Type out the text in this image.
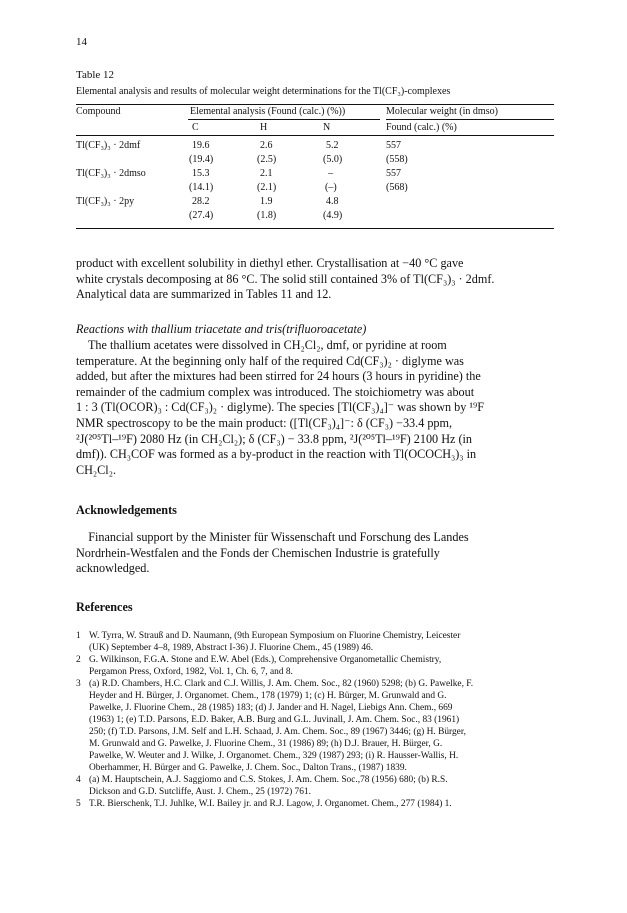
14
Table 12
Elemental analysis and results of molecular weight determinations for the Tl(CF₃)-complexes
Compound	Elemental analysis (Found (calc.) (%))	Molecular weight (in dmso)
C	H	N	Found (calc.) (%)
Tl(CF₃)₃ · 2dmf	19.6	2.6	5.2	557
(19.4)	(2.5)	(5.0)	(558)
Tl(CF₃)₃ · 2dmso	15.3	2.1	–	557
(14.1)	(2.1)	(–)	(568)
Tl(CF₃)₃ · 2py	28.2	1.9	4.8
(27.4)	(1.8)	(4.9)
product with excellent solubility in diethyl ether. Crystallisation at −40 °C gave
white crystals decomposing at 86 °C. The solid still contained 3% of Tl(CF₃)₃ · 2dmf.
Analytical data are summarized in Tables 11 and 12.
Reactions with thallium triacetate and tris(trifluoroacetate)
The thallium acetates were dissolved in CH₂Cl₂, dmf, or pyridine at room
temperature. At the beginning only half of the required Cd(CF₃)₂ · diglyme was
added, but after the mixtures had been stirred for 24 hours (3 hours in pyridine) the
remainder of the cadmium complex was introduced. The stoichiometry was about
1 : 3 (Tl(OCOR)₃ : Cd(CF₃)₂ · diglyme). The species [Tl(CF₃)₄]⁻ was shown by ¹⁹F
NMR spectroscopy to be the main product: ([Tl(CF₃)₄]⁻: δ (CF₃) −33.4 ppm,
²J(²⁰⁵Tl–¹⁹F) 2080 Hz (in CH₂Cl₂); δ (CF₃) − 33.8 ppm, ²J(²⁰⁵Tl–¹⁹F) 2100 Hz (in
dmf)). CH₃COF was formed as a by-product in the reaction with Tl(OCOCH₃)₃ in
CH₂Cl₂.
Acknowledgements
Financial support by the Minister für Wissenschaft und Forschung des Landes
Nordrhein-Westfalen and the Fonds der Chemischen Industrie is gratefully
acknowledged.
References
1 W. Tyrra, W. Strauß and D. Naumann, (9th European Symposium on Fluorine Chemistry, Leicester
(UK) September 4–8, 1989, Abstract I-36) J. Fluorine Chem., 45 (1989) 46.
2 G. Wilkinson, F.G.A. Stone and E.W. Abel (Eds.), Comprehensive Organometallic Chemistry,
Pergamon Press, Oxford, 1982, Vol. 1, Ch. 6, 7, and 8.
3 (a) R.D. Chambers, H.C. Clark and C.J. Willis, J. Am. Chem. Soc., 82 (1960) 5298; (b) G. Pawelke, F.
Heyder and H. Bürger, J. Organomet. Chem., 178 (1979) 1; (c) H. Bürger, M. Grunwald and G.
Pawelke, J. Fluorine Chem., 28 (1985) 183; (d) J. Jander and H. Nagel, Liebigs Ann. Chem., 669
(1963) 1; (e) T.D. Parsons, E.D. Baker, A.B. Burg and G.L. Juvinall, J. Am. Chem. Soc., 83 (1961)
250; (f) T.D. Parsons, J.M. Self and L.H. Schaad, J. Am. Chem. Soc., 89 (1967) 3446; (g) H. Bürger,
M. Grunwald and G. Pawelke, J. Fluorine Chem., 31 (1986) 89; (h) D.J. Brauer, H. Bürger, G.
Pawelke, W. Weuter and J. Wilke, J. Organomet. Chem., 329 (1987) 293; (i) R. Hausser-Wallis, H.
Oberhammer, H. Bürger and G. Pawelke, J. Chem. Soc., Dalton Trans., (1987) 1839.
4 (a) M. Hauptschein, A.J. Saggiomo and C.S. Stokes, J. Am. Chem. Soc.,78 (1956) 680; (b) R.S.
Dickson and G.D. Sutcliffe, Aust. J. Chem., 25 (1972) 761.
5 T.R. Bierschenk, T.J. Juhlke, W.I. Bailey jr. and R.J. Lagow, J. Organomet. Chem., 277 (1984) 1.
